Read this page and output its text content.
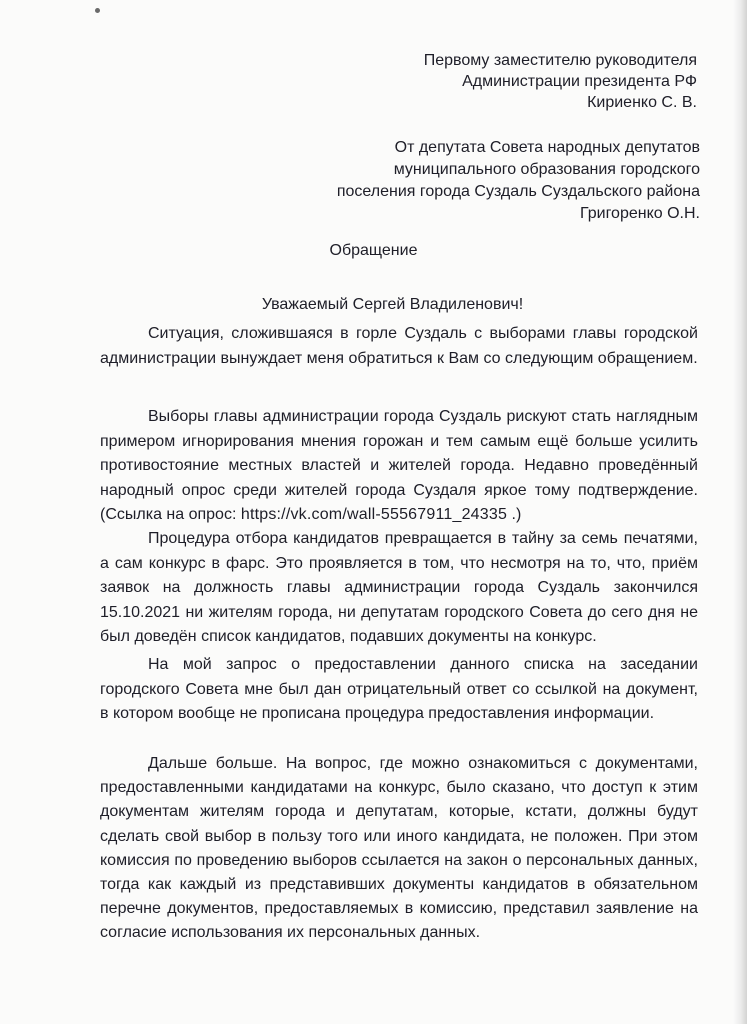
Первому заместителю руководителя

Администрации президента РФ

Кириенко С. В.

От депутата Совета народных депутатов

муниципального образования городского

поселения города Суздаль Суздальского района

Григоренко О.Н.

Обращение

Уважаемый Сергей Владиленович!

Ситуация, сложившаяся в горле Суздаль с выборами главы городской администрации вынуждает меня обратиться к Вам со следующим обращением.

Выборы главы администрации города Суздаль рискуют стать наглядным примером игнорирования мнения горожан и тем самым ещё больше усилить противостояние местных властей и жителей города. Недавно проведённый народный опрос среди жителей города Суздаля яркое тому подтверждение. (Ссылка на опрос: https://vk.com/wall-55567911_24335 .)

Процедура отбора кандидатов превращается в тайну за семь печатями, а сам конкурс в фарс. Это проявляется в том, что несмотря на то, что, приём заявок на должность главы администрации города Суздаль закончился 15.10.2021 ни жителям города, ни депутатам городского Совета до сего дня не был доведён список кандидатов, подавших документы на конкурс.

На мой запрос о предоставлении данного списка на заседании городского Совета мне был дан отрицательный ответ со ссылкой на документ, в котором вообще не прописана процедура предоставления информации.

Дальше больше. На вопрос, где можно ознакомиться с документами, предоставленными кандидатами на конкурс, было сказано, что доступ к этим документам жителям города и депутатам, которые, кстати, должны будут сделать свой выбор в пользу того или иного кандидата, не положен. При этом комиссия по проведению выборов ссылается на закон о персональных данных, тогда как каждый из представивших документы кандидатов в обязательном перечне документов, предоставляемых в комиссию, представил заявление на согласие использования их персональных данных.
